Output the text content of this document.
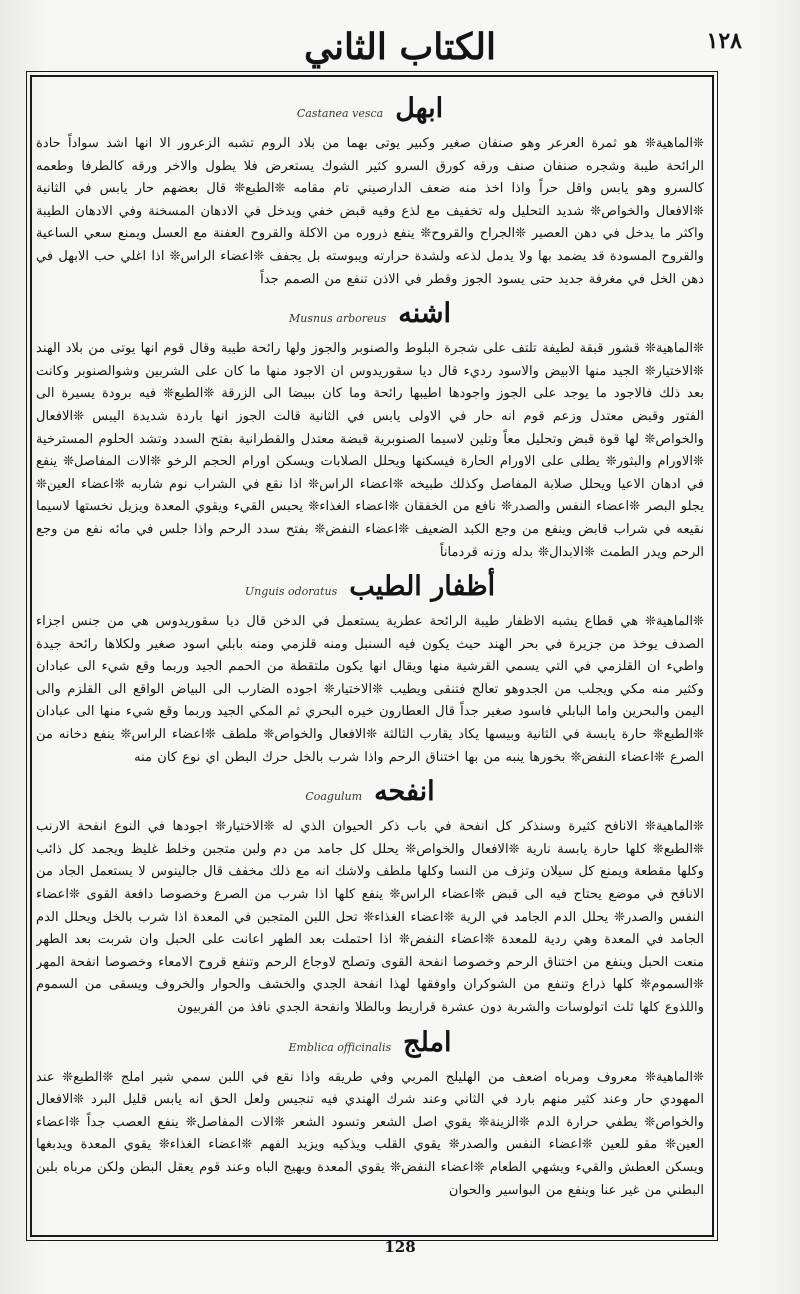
الكتاب الثاني	١٢٨
ابهلCastanea vesca

❊الماهية❊ هو ثمرة العرعر وهو صنفان صغير وكبير يوتى بهما من بلاد الروم تشبه الزعرور الا انها اشد سواداً حادة الرائحة طيبة وشجره صنفان صنف ورقه كورق السرو كثير الشوك يستعرض فلا يطول والاخر ورقه كالطرفا وطعمه كالسرو وهو يابس واقل حراً واذا اخذ منه ضعف الدارصيني تام مقامه ❊الطبع❊ قال بعضهم حار يابس في الثانية ❊الافعال والخواص❊ شديد التحليل وله تخفيف مع لذع وفيه قبض خفي ويدخل في الادهان المسخنة وفي الادهان الطيبة واكثر ما يدخل في دهن العصير ❊الجراح والقروح❊ ينفع ذروره من الاكلة والقروح العفنة مع العسل ويمنع سعي الساعية والقروح المسودة قد يضمد بها ولا يدمل لذعه ولشدة حرارته ويبوسته بل يجفف ❊اعضاء الراس❊ اذا اغلي حب الابهل في دهن الخل في مغرفة جديد حتى يسود الجوز وقطر في الاذن تنفع من الصمم جداً

اشنهMusnus arboreus

❊الماهية❊ قشور قبقة لطيفة تلتف على شجرة البلوط والصنوبر والجوز ولها رائحة طيبة وقال قوم انها يوتى من بلاد الهند ❊الاختيار❊ الجيد منها الابيض والاسود رديء قال ديا سقوريدوس ان الاجود منها ما كان على الشربين وشوالصنوبر وكانت بعد ذلك فالاجود ما يوجد على الجوز واجودها اطيبها رائحة وما كان ببيضا الى الزرقة ❊الطبع❊ فيه برودة يسيرة الى الفتور وقبض معتدل وزعم قوم انه حار في الاولى يابس في الثانية قالت الجوز انها باردة شديدة اليبس ❊الافعال والخواص❊ لها قوة قبض وتحليل معاً وتلين لاسيما الصنوبرية قبضة معتدل والقطرانية بفتح السدد وتشد الحلوم المسترخية ❊الاورام والبثور❊ يطلى على الاورام الحارة فيسكنها ويحلل الصلابات ويسكن اورام الحجم الرخو ❊الات المفاصل❊ ينفع في ادهان الاعيا ويحلل صلابة المفاصل وكذلك طبيخه ❊اعضاء الراس❊ اذا نقع في الشراب نوم شاربه ❊اعضاء العين❊ يجلو البصر ❊اعضاء النفس والصدر❊ نافع من الخفقان ❊اعضاء الغذاء❊ يحبس القيء ويقوي المعدة ويزيل نخستها لاسيما نقيعه في شراب قابض وينفع من وجع الكبد الضعيف ❊اعضاء النفض❊ بفتح سدد الرحم واذا جلس في مائه نفع من وجع الرحم ويدر الطمث ❊الابدال❊ بدله وزنه قردماناً

أظفار الطيبUnguis odoratus

❊الماهية❊ هي قطاع يشبه الاظفار طيبة الرائحة عطرية يستعمل في الدخن قال ديا سقوريدوس هي من جنس اجزاء الصدف يوخذ من جزيرة في بحر الهند حيث يكون فيه السنبل ومنه قلزمي ومنه بابلي اسود صغير ولكلاها رائحة جيدة واطيء ان القلزمي في التي يسمي القرشية منها ويقال انها يكون ملتقطة من الحمم الجيد وربما وقع شيء الى عبادان وكثير منه مكي ويجلب من الجدوهو تعالج فتنقى ويطيب ❊الاختيار❊ اجوده الضارب الى البياض الواقع الى القلزم والى اليمن والبحرين واما البابلي فاسود صغير جداً قال العطارون خيره البحري ثم المكي الجيد وربما وقع شيء منها الى عبادان ❊الطبع❊ حارة يابسة في الثانية وبيسها يكاد يقارب الثالثة ❊الافعال والخواص❊ ملطف ❊اعضاء الراس❊ ينفع دخانه من الصرع ❊اعضاء النفض❊ بخورها ينبه من بها اختناق الرحم واذا شرب بالخل حرك البطن اي نوع كان منه

انفحهCoagulum

❊الماهية❊ الانافح كثيرة وسنذكر كل انفحة في باب ذكر الحيوان الذي له ❊الاختيار❊ اجودها في النوع انفحة الارنب ❊الطبع❊ كلها حارة يابسة نارية ❊الافعال والخواص❊ يحلل كل جامد من دم ولبن متجبن وخلط غليظ ويجمد كل ذائب وكلها مقطعة ويمنع كل سيلان وتزف من النسا وكلها ملطف ولاشك انه مع ذلك مخفف قال جالينوس لا يستعمل الجاد من الانافح في موضع يحتاج فيه الى قبض ❊اعضاء الراس❊ ينفع كلها اذا شرب من الصرع وخصوصا دافعة القوى ❊اعضاء النفس والصدر❊ يحلل الدم الجامد في الرية ❊اعضاء الغذاء❊ تحل اللبن المتجبن في المعدة اذا شرب بالخل ويحلل الدم الجامد في المعدة وهي ردية للمعدة ❊اعضاء النفض❊ اذا احتملت بعد الطهر اعانت على الحبل وان شربت بعد الطهر منعت الحبل وينفع من اختناق الرحم وخصوصا انفحة القوى وتصلح لاوجاع الرحم وتنفع قروح الامعاء وخصوصا انفحة المهر ❊السموم❊ كلها ذراع وتنفع من الشوكران واوفقها لهذا انفحة الجدي والخشف والحوار والخروف ويسقى من السموم واللذوع كلها ثلث اتولوسات والشربة دون عشرة قراريط وبالطلا وانفحة الجدي نافذ من الفربيون

املجEmblica officinalis

❊الماهية❊ معروف ومرباه اضعف من الهليلج المربي وفي طريقه واذا نقع في اللبن سمي شير املج ❊الطبع❊ عند المهودي حار وعند كثير منهم بارد في الثاني وعند شرك الهندي فيه تنجيس ولعل الحق انه يابس قليل البرد ❊الافعال والخواص❊ يطفي حرارة الدم ❊الزينة❊ يقوي اصل الشعر وتسود الشعر ❊الات المفاصل❊ ينفع العصب جداً ❊اعضاء العين❊ مقو للعين ❊اعضاء النفس والصدر❊ يقوي القلب ويذكيه ويزيد الفهم ❊اعضاء الغذاء❊ يقوي المعدة ويدبغها ويسكن العطش والقيء ويشهي الطعام ❊اعضاء النفض❊ يقوي المعدة ويهيج الباه وعند قوم يعقل البطن ولكن مرباه بلبن البطني من غير عنا وينفع من البواسير والحوان

128
